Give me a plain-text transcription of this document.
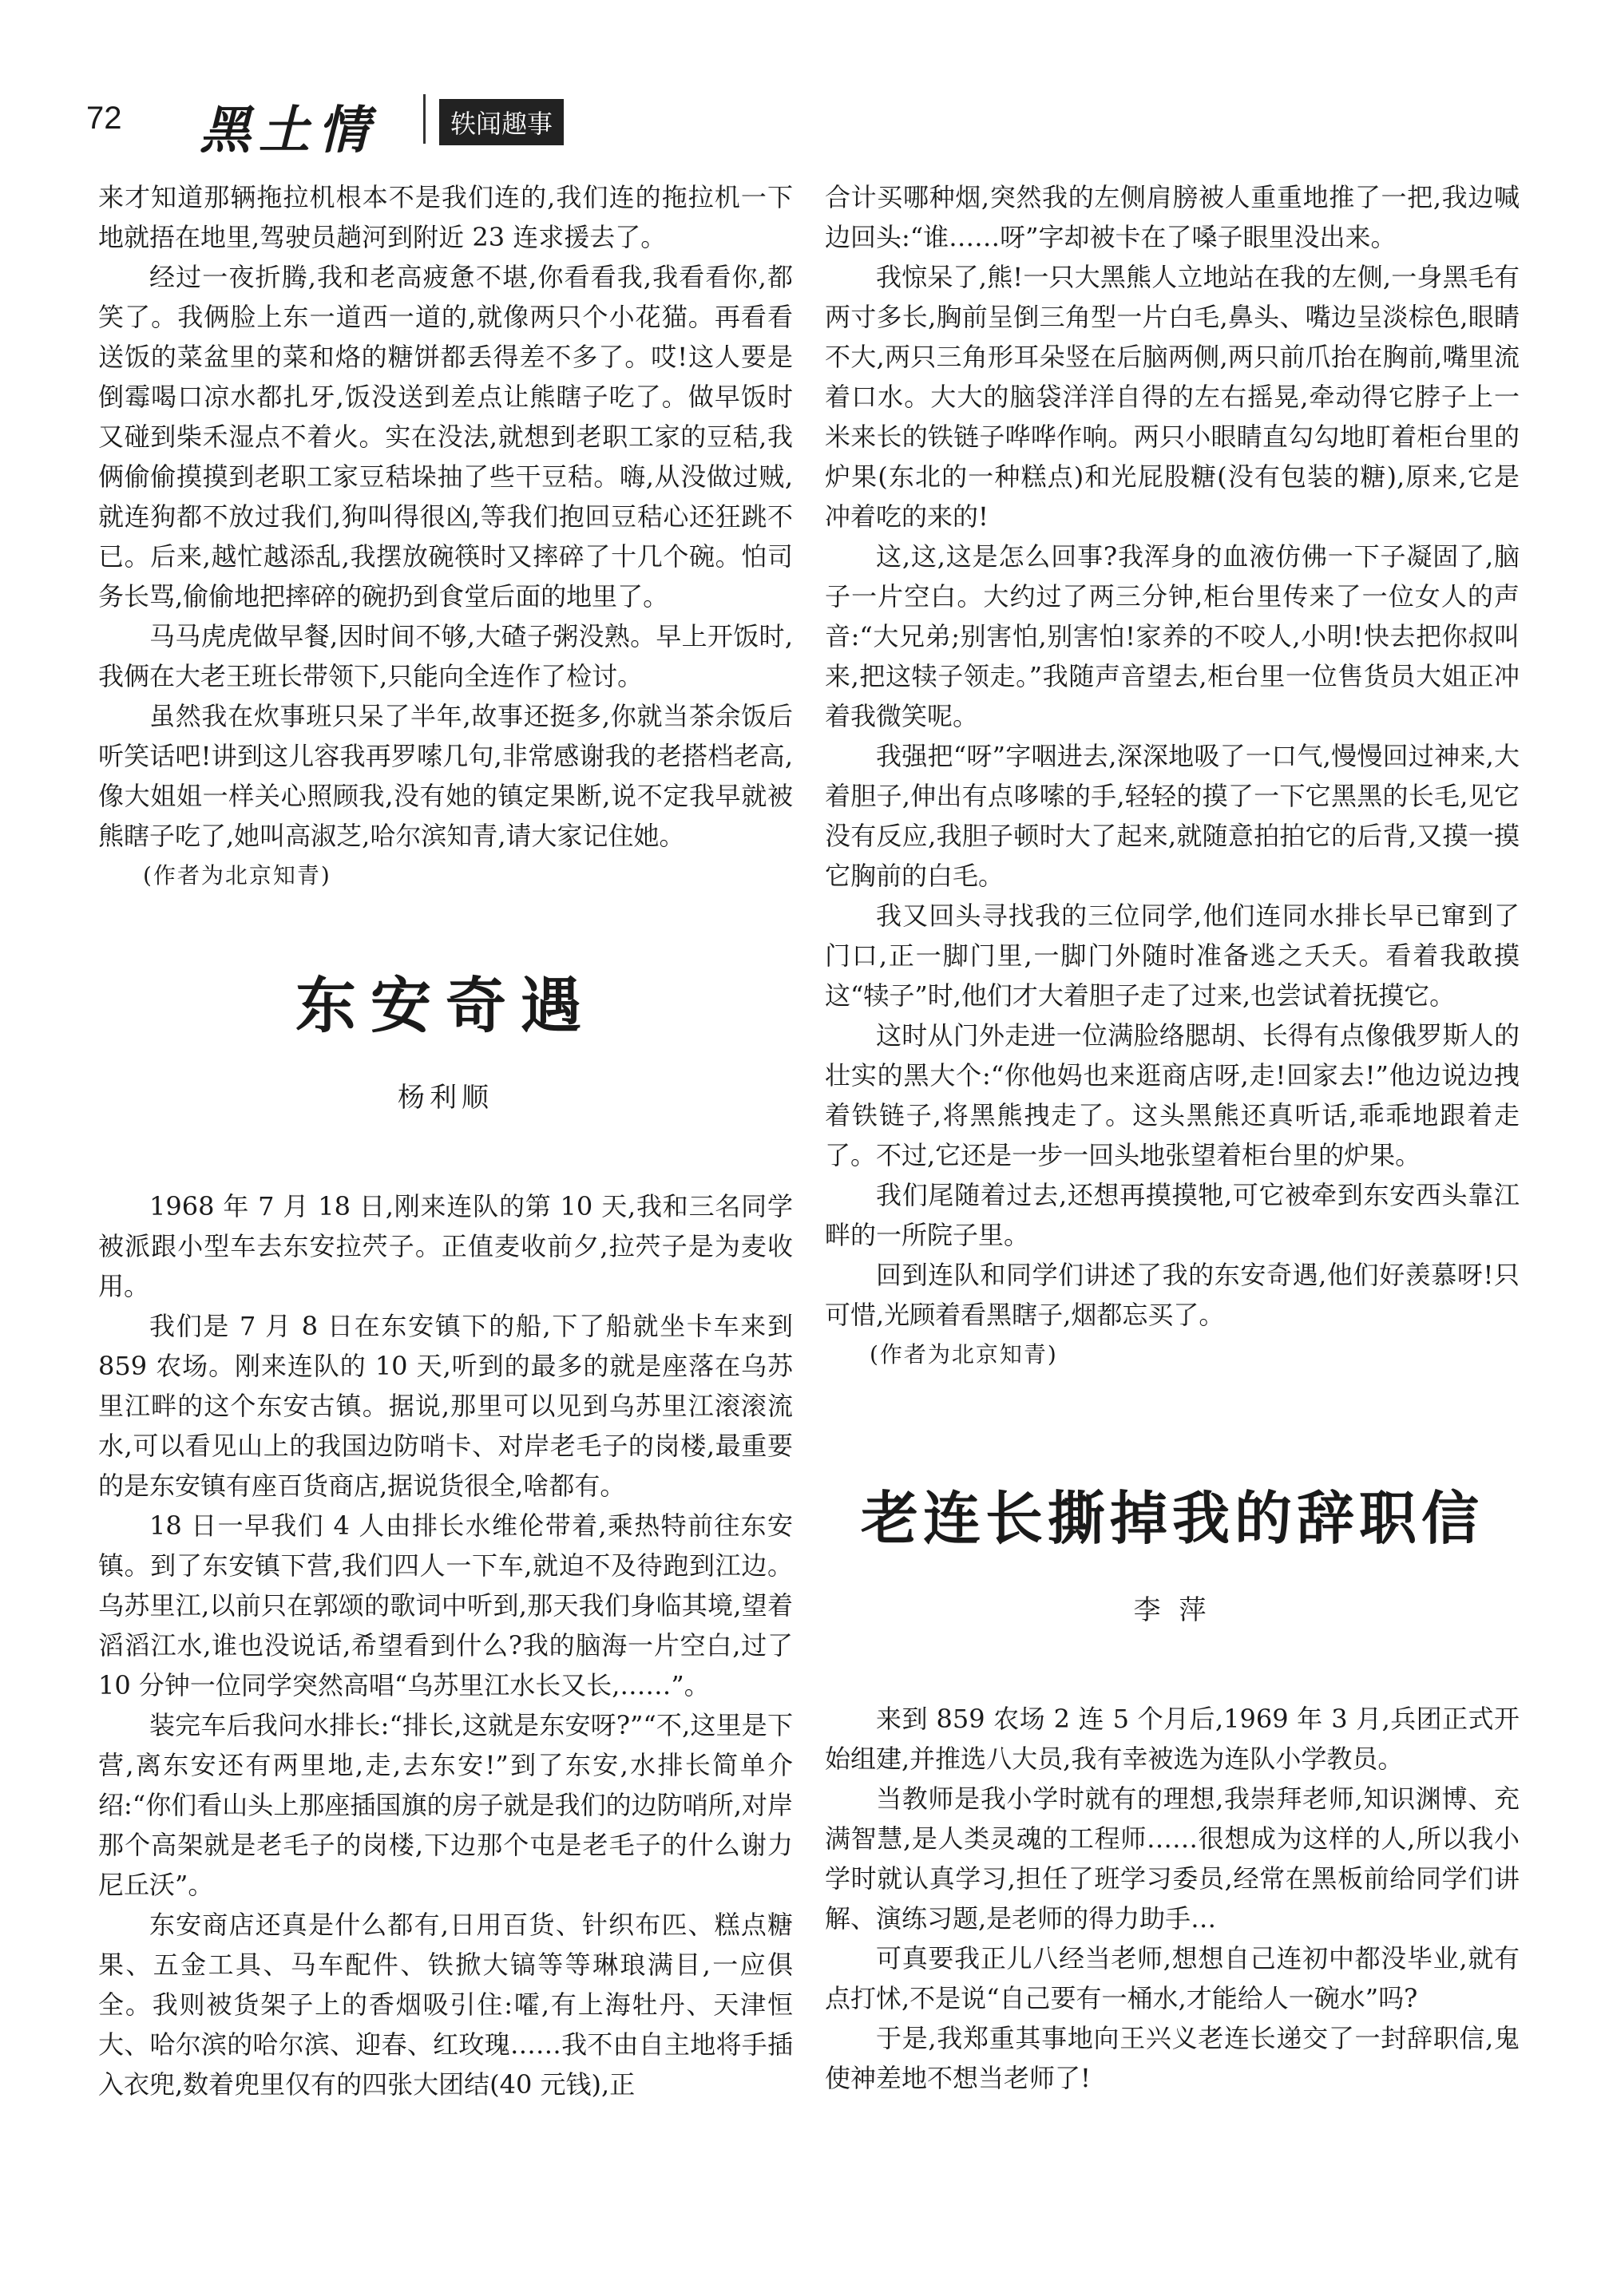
72 黑土情	轶闻趣事

来才知道那辆拖拉机根本不是我们连的,我们连的拖拉机一下地就捂在地里,驾驶员趟河到附近 23 连求援去了。

经过一夜折腾,我和老高疲惫不堪,你看看我,我看看你,都笑了。我俩脸上东一道西一道的,就像两只个小花猫。再看看送饭的菜盆里的菜和烙的糖饼都丢得差不多了。哎!这人要是倒霉喝口凉水都扎牙,饭没送到差点让熊瞎子吃了。做早饭时又碰到柴禾湿点不着火。实在没法,就想到老职工家的豆秸,我俩偷偷摸摸到老职工家豆秸垛抽了些干豆秸。嗨,从没做过贼,就连狗都不放过我们,狗叫得很凶,等我们抱回豆秸心还狂跳不已。后来,越忙越添乱,我摆放碗筷时又摔碎了十几个碗。怕司务长骂,偷偷地把摔碎的碗扔到食堂后面的地里了。

马马虎虎做早餐,因时间不够,大碴子粥没熟。早上开饭时,我俩在大老王班长带领下,只能向全连作了检讨。

虽然我在炊事班只呆了半年,故事还挺多,你就当茶余饭后听笑话吧!讲到这儿容我再罗嗦几句,非常感谢我的老搭档老高,像大姐姐一样关心照顾我,没有她的镇定果断,说不定我早就被熊瞎子吃了,她叫高淑芝,哈尔滨知青,请大家记住她。

(作者为北京知青)
东安奇遇
杨利顺

1968 年 7 月 18 日,刚来连队的第 10 天,我和三名同学被派跟小型车去东安拉茓子。正值麦收前夕,拉茓子是为麦收用。

我们是 7 月 8 日在东安镇下的船,下了船就坐卡车来到 859 农场。刚来连队的 10 天,听到的最多的就是座落在乌苏里江畔的这个东安古镇。据说,那里可以见到乌苏里江滚滚流水,可以看见山上的我国边防哨卡、对岸老毛子的岗楼,最重要的是东安镇有座百货商店,据说货很全,啥都有。

18 日一早我们 4 人由排长水维伦带着,乘热特前往东安镇。到了东安镇下营,我们四人一下车,就迫不及待跑到江边。乌苏里江,以前只在郭颂的歌词中听到,那天我们身临其境,望着滔滔江水,谁也没说话,希望看到什么?我的脑海一片空白,过了 10 分钟一位同学突然高唱“乌苏里江水长又长,……”。

装完车后我问水排长:“排长,这就是东安呀?”“不,这里是下营,离东安还有两里地,走,去东安!”到了东安,水排长简单介绍:“你们看山头上那座插国旗的房子就是我们的边防哨所,对岸那个高架就是老毛子的岗楼,下边那个屯是老毛子的什么谢力尼丘沃”。

东安商店还真是什么都有,日用百货、针织布匹、糕点糖果、五金工具、马车配件、铁掀大镐等等琳琅满目,一应俱全。我则被货架子上的香烟吸引住:嚯,有上海牡丹、天津恒大、哈尔滨的哈尔滨、迎春、红玫瑰……我不由自主地将手插入衣兜,数着兜里仅有的四张大团结(40 元钱),正

合计买哪种烟,突然我的左侧肩膀被人重重地推了一把,我边喊边回头:“谁……呀”字却被卡在了嗓子眼里没出来。

我惊呆了,熊!一只大黑熊人立地站在我的左侧,一身黑毛有两寸多长,胸前呈倒三角型一片白毛,鼻头、嘴边呈淡棕色,眼睛不大,两只三角形耳朵竖在后脑两侧,两只前爪抬在胸前,嘴里流着口水。大大的脑袋洋洋自得的左右摇晃,牵动得它脖子上一米来长的铁链子哗哗作响。两只小眼睛直勾勾地盯着柜台里的炉果(东北的一种糕点)和光屁股糖(没有包装的糖),原来,它是冲着吃的来的!

这,这,这是怎么回事?我浑身的血液仿佛一下子凝固了,脑子一片空白。大约过了两三分钟,柜台里传来了一位女人的声音:“大兄弟;别害怕,别害怕!家养的不咬人,小明!快去把你叔叫来,把这犊子领走。”我随声音望去,柜台里一位售货员大姐正冲着我微笑呢。

我强把“呀”字咽进去,深深地吸了一口气,慢慢回过神来,大着胆子,伸出有点哆嗦的手,轻轻的摸了一下它黑黑的长毛,见它没有反应,我胆子顿时大了起来,就随意拍拍它的后背,又摸一摸它胸前的白毛。

我又回头寻找我的三位同学,他们连同水排长早已窜到了门口,正一脚门里,一脚门外随时准备逃之夭夭。看着我敢摸这“犊子”时,他们才大着胆子走了过来,也尝试着抚摸它。

这时从门外走进一位满脸络腮胡、长得有点像俄罗斯人的壮实的黑大个:“你他妈也来逛商店呀,走!回家去!”他边说边拽着铁链子,将黑熊拽走了。这头黑熊还真听话,乖乖地跟着走了。不过,它还是一步一回头地张望着柜台里的炉果。

我们尾随着过去,还想再摸摸牠,可它被牵到东安西头靠江畔的一所院子里。

回到连队和同学们讲述了我的东安奇遇,他们好羡慕呀!只可惜,光顾着看黑瞎子,烟都忘买了。

(作者为北京知青)
老连长撕掉我的辞职信
李 萍

来到 859 农场 2 连 5 个月后,1969 年 3 月,兵团正式开始组建,并推选八大员,我有幸被选为连队小学教员。

当教师是我小学时就有的理想,我崇拜老师,知识渊博、充满智慧,是人类灵魂的工程师……很想成为这样的人,所以我小学时就认真学习,担任了班学习委员,经常在黑板前给同学们讲解、演练习题,是老师的得力助手…

可真要我正儿八经当老师,想想自己连初中都没毕业,就有点打怵,不是说“自己要有一桶水,才能给人一碗水”吗?

于是,我郑重其事地向王兴义老连长递交了一封辞职信,鬼使神差地不想当老师了!
